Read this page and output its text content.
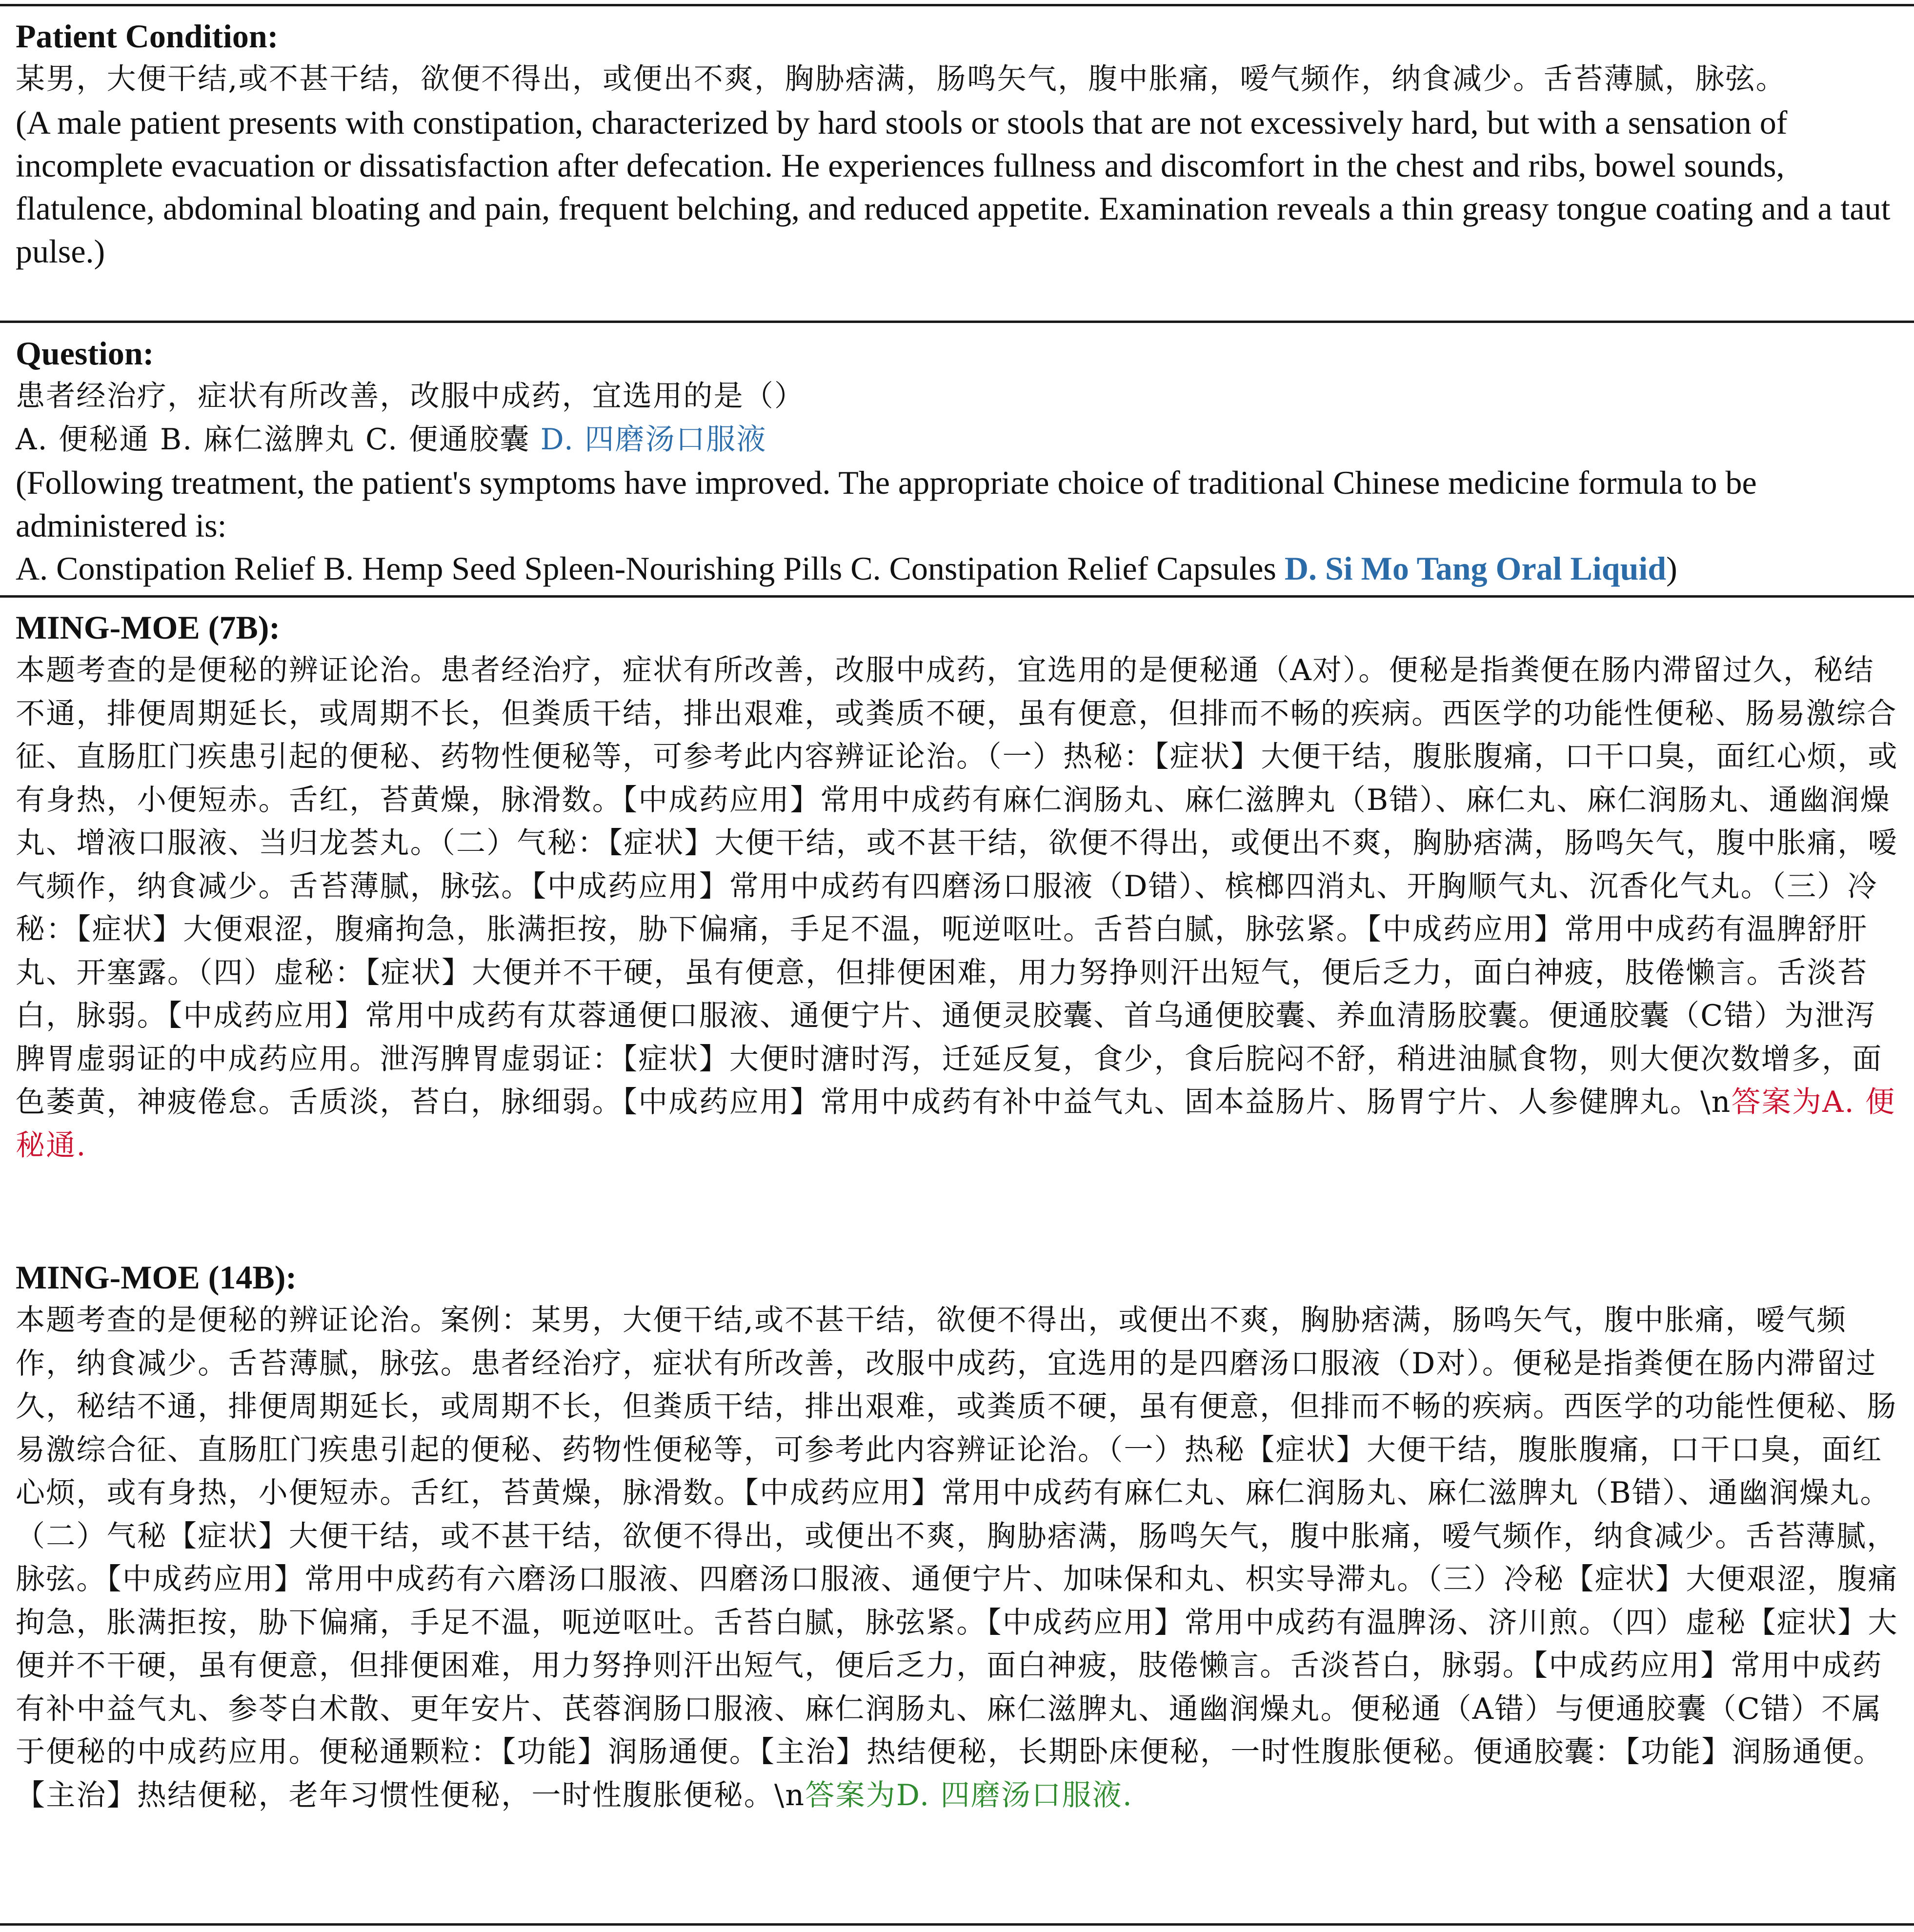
Patient Condition:

某男，大便干结,或不甚干结，欲便不得出，或便出不爽，胸胁痞满，肠鸣矢气，腹中胀痛，嗳气频作，纳食减少。舌苔薄腻，脉弦。

(A male patient presents with constipation, characterized by hard stools or stools that are not excessively hard, but with a sensation of incomplete evacuation or dissatisfaction after defecation. He experiences fullness and discomfort in the chest and ribs, bowel sounds, flatulence, abdominal bloating and pain, frequent belching, and reduced appetite. Examination reveals a thin greasy tongue coating and a taut pulse.)

Question:

患者经治疗，症状有所改善，改服中成药，宜选用的是（）

A. 便秘通 B. 麻仁滋脾丸 C. 便通胶囊 D. 四磨汤口服液

(Following treatment, the patient's symptoms have improved. The appropriate choice of traditional Chinese medicine formula to be administered is:

A. Constipation Relief B. Hemp Seed Spleen-Nourishing Pills C. Constipation Relief Capsules D. Si Mo Tang Oral Liquid)

MING-MOE (7B):

本题考查的是便秘的辨证论治。患者经治疗，症状有所改善，改服中成药，宜选用的是便秘通（A对）。便秘是指粪便在肠内滞留过久，秘结不通，排便周期延长，或周期不长，但粪质干结，排出艰难，或粪质不硬，虽有便意，但排而不畅的疾病。西医学的功能性便秘、肠易激综合征、直肠肛门疾患引起的便秘、药物性便秘等，可参考此内容辨证论治。（一）热秘：【症状】大便干结，腹胀腹痛，口干口臭，面红心烦，或有身热，小便短赤。舌红，苔黄燥，脉滑数。【中成药应用】常用中成药有麻仁润肠丸、麻仁滋脾丸（B错）、麻仁丸、麻仁润肠丸、通幽润燥丸、增液口服液、当归龙荟丸。（二）气秘：【症状】大便干结，或不甚干结，欲便不得出，或便出不爽，胸胁痞满，肠鸣矢气，腹中胀痛，嗳气频作，纳食减少。舌苔薄腻，脉弦。【中成药应用】常用中成药有四磨汤口服液（D错）、槟榔四消丸、开胸顺气丸、沉香化气丸。（三）冷秘：【症状】大便艰涩，腹痛拘急，胀满拒按，胁下偏痛，手足不温，呃逆呕吐。舌苔白腻，脉弦紧。【中成药应用】常用中成药有温脾舒肝丸、开塞露。（四）虚秘：【症状】大便并不干硬，虽有便意，但排便困难，用力努挣则汗出短气，便后乏力，面白神疲，肢倦懒言。舌淡苔白，脉弱。【中成药应用】常用中成药有苁蓉通便口服液、通便宁片、通便灵胶囊、首乌通便胶囊、养血清肠胶囊。便通胶囊（C错）为泄泻脾胃虚弱证的中成药应用。泄泻脾胃虚弱证：【症状】大便时溏时泻，迁延反复，食少，食后脘闷不舒，稍进油腻食物，则大便次数增多，面色萎黄，神疲倦怠。舌质淡，苔白，脉细弱。【中成药应用】常用中成药有补中益气丸、固本益肠片、肠胃宁片、人参健脾丸。\n答案为A. 便秘通.

MING-MOE (14B):

本题考查的是便秘的辨证论治。案例：某男，大便干结,或不甚干结，欲便不得出，或便出不爽，胸胁痞满，肠鸣矢气，腹中胀痛，嗳气频作，纳食减少。舌苔薄腻，脉弦。患者经治疗，症状有所改善，改服中成药，宜选用的是四磨汤口服液（D对）。便秘是指粪便在肠内滞留过久，秘结不通，排便周期延长，或周期不长，但粪质干结，排出艰难，或粪质不硬，虽有便意，但排而不畅的疾病。西医学的功能性便秘、肠易激综合征、直肠肛门疾患引起的便秘、药物性便秘等，可参考此内容辨证论治。（一）热秘【症状】大便干结，腹胀腹痛，口干口臭，面红心烦，或有身热，小便短赤。舌红，苔黄燥，脉滑数。【中成药应用】常用中成药有麻仁丸、麻仁润肠丸、麻仁滋脾丸（B错）、通幽润燥丸。（二）气秘【症状】大便干结，或不甚干结，欲便不得出，或便出不爽，胸胁痞满，肠鸣矢气，腹中胀痛，嗳气频作，纳食减少。舌苔薄腻，脉弦。【中成药应用】常用中成药有六磨汤口服液、四磨汤口服液、通便宁片、加味保和丸、枳实导滞丸。（三）冷秘【症状】大便艰涩，腹痛拘急，胀满拒按，胁下偏痛，手足不温，呃逆呕吐。舌苔白腻，脉弦紧。【中成药应用】常用中成药有温脾汤、济川煎。（四）虚秘【症状】大便并不干硬，虽有便意，但排便困难，用力努挣则汗出短气，便后乏力，面白神疲，肢倦懒言。舌淡苔白，脉弱。【中成药应用】常用中成药有补中益气丸、参苓白术散、更年安片、芪蓉润肠口服液、麻仁润肠丸、麻仁滋脾丸、通幽润燥丸。便秘通（A错）与便通胶囊（C错）不属于便秘的中成药应用。便秘通颗粒：【功能】润肠通便。【主治】热结便秘，长期卧床便秘，一时性腹胀便秘。便通胶囊：【功能】润肠通便。【主治】热结便秘，老年习惯性便秘，一时性腹胀便秘。\n答案为D. 四磨汤口服液.
